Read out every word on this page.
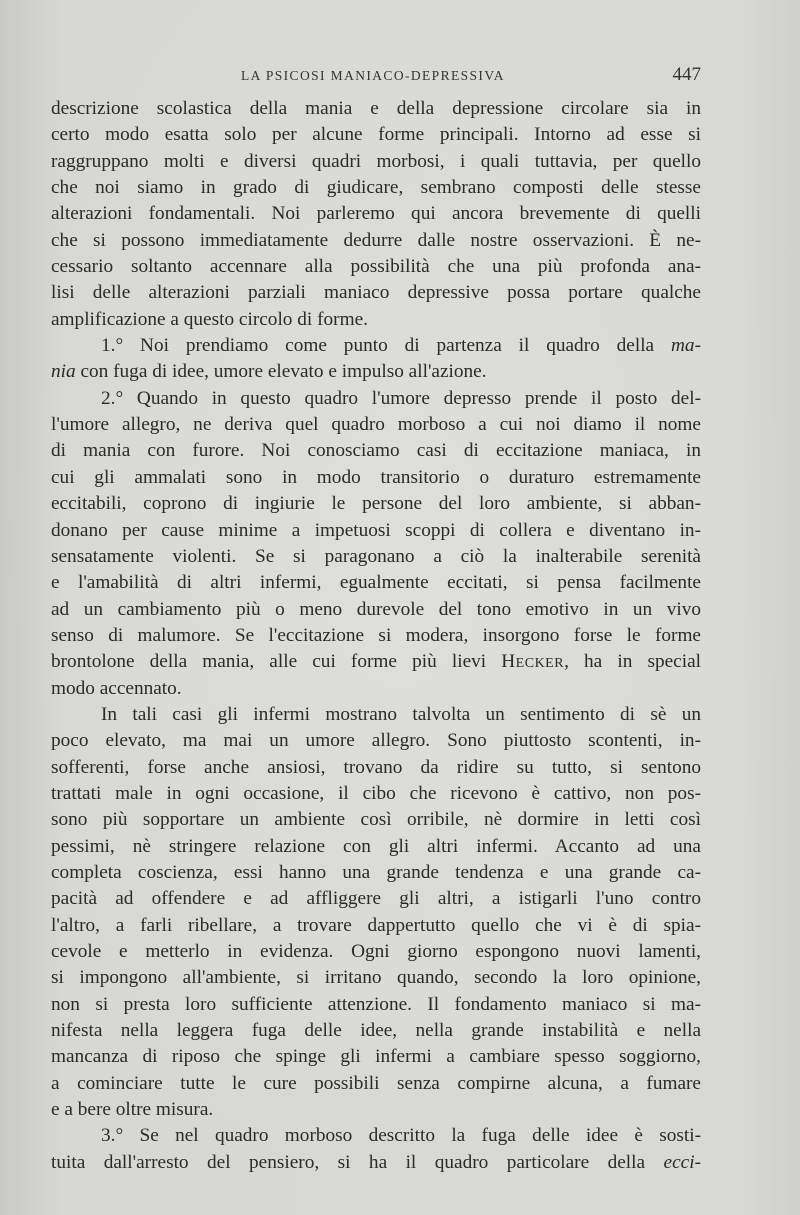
LA PSICOSI MANIACO-DEPRESSIVA	447
descrizione scolastica della mania e della depressione circolare sia in
certo modo esatta solo per alcune forme principali. Intorno ad esse si
raggruppano molti e diversi quadri morbosi, i quali tuttavia, per quello
che noi siamo in grado di giudicare, sembrano composti delle stesse
alterazioni fondamentali. Noi parleremo qui ancora brevemente di quelli
che si possono immediatamente dedurre dalle nostre osservazioni. È ne-
cessario soltanto accennare alla possibilità che una più profonda ana-
lisi delle alterazioni parziali maniaco depressive possa portare qualche
amplificazione a questo circolo di forme.
1.° Noi prendiamo come punto di partenza il quadro della ma-
nia con fuga di idee, umore elevato e impulso all'azione.
2.° Quando in questo quadro l'umore depresso prende il posto del-
l'umore allegro, ne deriva quel quadro morboso a cui noi diamo il nome
di mania con furore. Noi conosciamo casi di eccitazione maniaca, in
cui gli ammalati sono in modo transitorio o duraturo estremamente
eccitabili, coprono di ingiurie le persone del loro ambiente, si abban-
donano per cause minime a impetuosi scoppi di collera e diventano in-
sensatamente violenti. Se si paragonano a ciò la inalterabile serenità
e l'amabilità di altri infermi, egualmente eccitati, si pensa facilmente
ad un cambiamento più o meno durevole del tono emotivo in un vivo
senso di malumore. Se l'eccitazione si modera, insorgono forse le forme
brontolone della mania, alle cui forme più lievi Hecker, ha in special
modo accennato.
In tali casi gli infermi mostrano talvolta un sentimento di sè un
poco elevato, ma mai un umore allegro. Sono piuttosto scontenti, in-
sofferenti, forse anche ansiosi, trovano da ridire su tutto, si sentono
trattati male in ogni occasione, il cibo che ricevono è cattivo, non pos-
sono più sopportare un ambiente così orribile, nè dormire in letti così
pessimi, nè stringere relazione con gli altri infermi. Accanto ad una
completa coscienza, essi hanno una grande tendenza e una grande ca-
pacità ad offendere e ad affliggere gli altri, a istigarli l'uno contro
l'altro, a farli ribellare, a trovare dappertutto quello che vi è di spia-
cevole e metterlo in evidenza. Ogni giorno espongono nuovi lamenti,
si impongono all'ambiente, si irritano quando, secondo la loro opinione,
non si presta loro sufficiente attenzione. Il fondamento maniaco si ma-
nifesta nella leggera fuga delle idee, nella grande instabilità e nella
mancanza di riposo che spinge gli infermi a cambiare spesso soggiorno,
a cominciare tutte le cure possibili senza compirne alcuna, a fumare
e a bere oltre misura.
3.° Se nel quadro morboso descritto la fuga delle idee è sosti-
tuita dall'arresto del pensiero, si ha il quadro particolare della ecci-
